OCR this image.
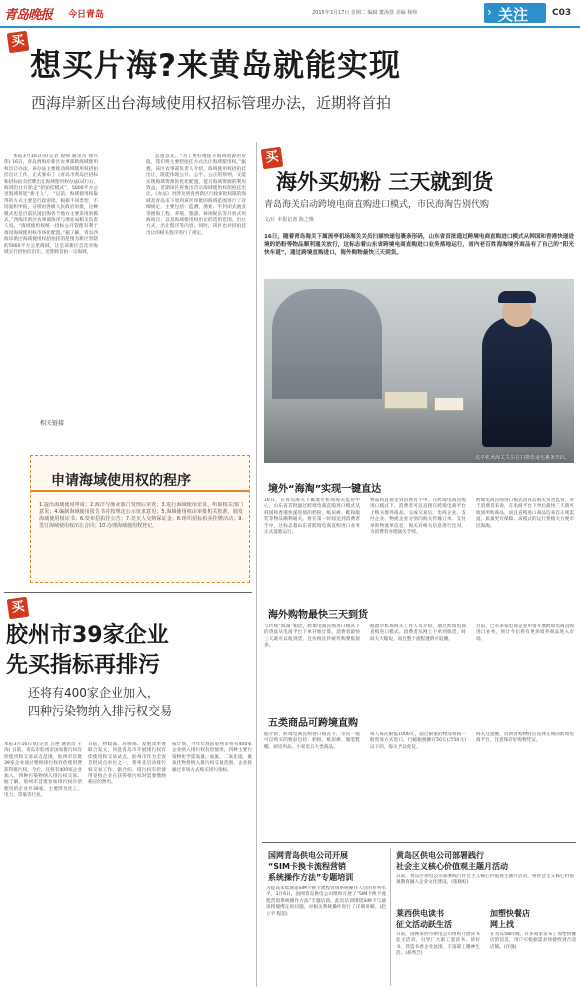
青岛晚报 今日青岛	2015年3月17日 星期二 编辑 董海荔 美编 杨帅	› 关注	C03
买
想买片海?来黄岛就能实现
西海岸新区出台海域使用权招标管理办法，近期将首拍

本报3月16日讯(记者 殷师 通讯员 徐兴伟) 16日，青岛西海岸新区农事部新海域使用权出让办法，该办法主要推动海域使用权招拍挂出让工作，正式颁布了《青岛市黄岛区招标和招标拍卖挂牌出让海域使用权办法(试行)》，海域出让开始走“招拍挂模式”，5000平方公里海域将迎“新主人”。 “以前，海域使用权取得的方式主要是行政审批，根据不同类型，不同面积申报，分别由各级人民政府审批，这种模式也是目前民国沿海各个地方主要采用的模式。”西海岸新区农事部海洋与渔业局相关负责人说。“海域使用权统一招标公开管理有利于推进海域使用权市场化配置。”据了解，青岛西海岸新区海域使用权招拍挂的范围为新区管辖的5000平方公里海域，这是该新区首次对海域实行招拍挂出让，近期将首拍一宗海域。

造遗忽先。“为了更好地提升海域资源的价值，我们将主要招拍挂方式出让海域使用权。”据悉，该区农事部负责人介绍，海域使用权招拍挂出让，既能体现公开、公平、公正的原则，又能实现海域资源的优化配置，提升海域资源的利用效益，近期该区将推出首宗海域使用权招拍挂出让。《办法》对涉及到青西新区行政审批权限的海域及青岛市下放到该区审批的海域范围进行了详细规定，主要包括：监测、渔业、半封闭式渔业等围海工程、养殖、旅游、休闲娱乐等开放式用海项目；以及海域使用权出让的适用范围、出让方式、出让程序等内容。同时，该区也对招拍挂出让的相关程序进行了规定。

相关链接
申请海域使用权的程序
1.提出海域使用申请；2.海洋与渔业部门受理后审查；3.进行海域使用论证，听取相关部门意见；4.编制海域使用报告书并按规定公示征求意见；5.海域使用权由审批机关批准，颁发海域使用权证书；6.发布招拍挂公告；7.竞买人交纳保证金；8.组织招标拍卖挂牌活动；9.签订海域使用权出让合同；10.办理海域使用权登记。
买
海外买奶粉 三天就到货
青岛海关启动跨境电商直购进口模式，市民海淘告别代购
文/片 本报记者 陈之焕
16日，随着青岛海关下属流亭机场海关关员扫描快递包裹条形码，山东省首批通过跨境电商直购进口模式从韩国和香港快递进境的奶粉等物品顺利通关放行，这标志着山东省跨境电商直购进口业务落地运行，省内老百姓海淘境外商品有了自己的“阳光快车道”，通过跨境直购进口，海外购物最快三天到货。
流亭机场海关关员在扫描快递包裹条形码。
境外“海淘”实现一键直达
16日，在青岛海关下属流亭机场海关监管中心，山东省首批通过跨境电商直购进口模式从韩国和香港快递进境的奶粉、纸尿裤、鞋和服装等物品顺利通关。将在第一时间送到消费者手中，这标志着山东省跨境电商直购进口业务正式落地运行。
物品将直接送到消费者手中。在跨境电商直购进口模式下，消费者可以直接在跨境电商平台上购买境外商品，完成交易后，电商企业、支付企业、物流企业分别向海关传输订单、支付单和物流单信息，海关对相关信息进行比对，为消费者办理通关手续。
跨境电商直购进口模式由青岛海关负责监管，对于消费者来说，在电商平台下单后最快三天就可收到所购商品，而且直购进口商品均来自正规渠道，质量更有保障。该模式的运行将极大方便市民海淘。
海外购物最快三天到货
与传统“海淘”相比，跨境电商直购进口模式下的货品从电商平台下单开始计算，消费者最快三天就可以收到货，且价格比传统代购要低很多。
据流亭机场海关工作人员介绍，通过跨境电商直购进口模式，消费者从网上下单到收货，时间大大缩短，而且整个流程透明可追溯。
目前，已有多家电商企业申请开展跨境电商直购进口业务，预计今后将有更多境外商品进入市场。
五类商品可跨境直购
据介绍，跨境电商直购进口模式下，市民一般可以购买的物品包括：奶粉、纸尿裤、服装鞋帽、厨房用品、小家电五大类商品。
每人每次限值1000元，超过限值的物品将按一般贸易方式进口。行邮税税额在50元(含50元)以下的，海关予以免征。
海关还提醒，消费者购物时应选择正规的跨境电商平台，注意保存好购物凭证。
买
胶州市39家企业
先买指标再排污
还将有400家企业加入，
四种污染物纳入排污权交易
本报3月16日讯(记者 吕艳 通讯员 王涛) 日前，青岛市胶州市国家排污权有偿使用和交易试点范围，胶州市首批39家企业通过缴纳排污权有偿使用费获得排污权，今后，还将有400家企业加入，四种污染物纳入排污权交易。据了解，胶州市首批参加排污权有偿使用的企业共39家，主要涉及化工、电力、印染等行业。
日前，财政部、环保部、发展改革委联合发文，同意青岛市开展排污权有偿使用和交易试点，胶州市作为全省首批试点单位之一，将率先启动排污权交易工作。据介绍，排污权有偿使用是指企业在获得排污权时需要缴纳相应的费用。
按计划，今年年底前胶州市将有400家企业纳入排污权有偿使用，四种主要污染物化学需氧量、氨氮、二氧化硫、氮氧化物将纳入排污权交易范围。企业将通过市场方式购买排污指标。
国网青岛供电公司开展
“SIM卡换卡流程营销
系统操作方法”专题培训
为提高采集通道SIM卡换卡流程营销系统操作人员的业务水平，3月6日，国网青岛供电公司组织开展了“SIM卡换卡流程营销系统操作方法”专题培训。此次培训围绕SIM卡与通讯终端绑定的问题，对相关系统操作进行了详细讲解。(赵立平 程超)
黄岛区供电公司部署践行
社会主义核心价值观主题月活动
日前，黄岛区供电公司部署践行社会主义核心价值观主题月活动，将社会主义核心价值观教育融入企业文化建设。(张晓虹)
莱西供电读书
征文活动跃生活
日前，国网莱西市供电公司组织开展读书征文活动，引导广大职工爱读书、读好书，营造书香企业氛围，丰富职工精神生活。(郝秀芝)
加塑快餐店
网上找
在青岛58同城，许多商家发布了加塑快餐店的信息，用户可根据需求快捷找到合适店铺。(许强)
